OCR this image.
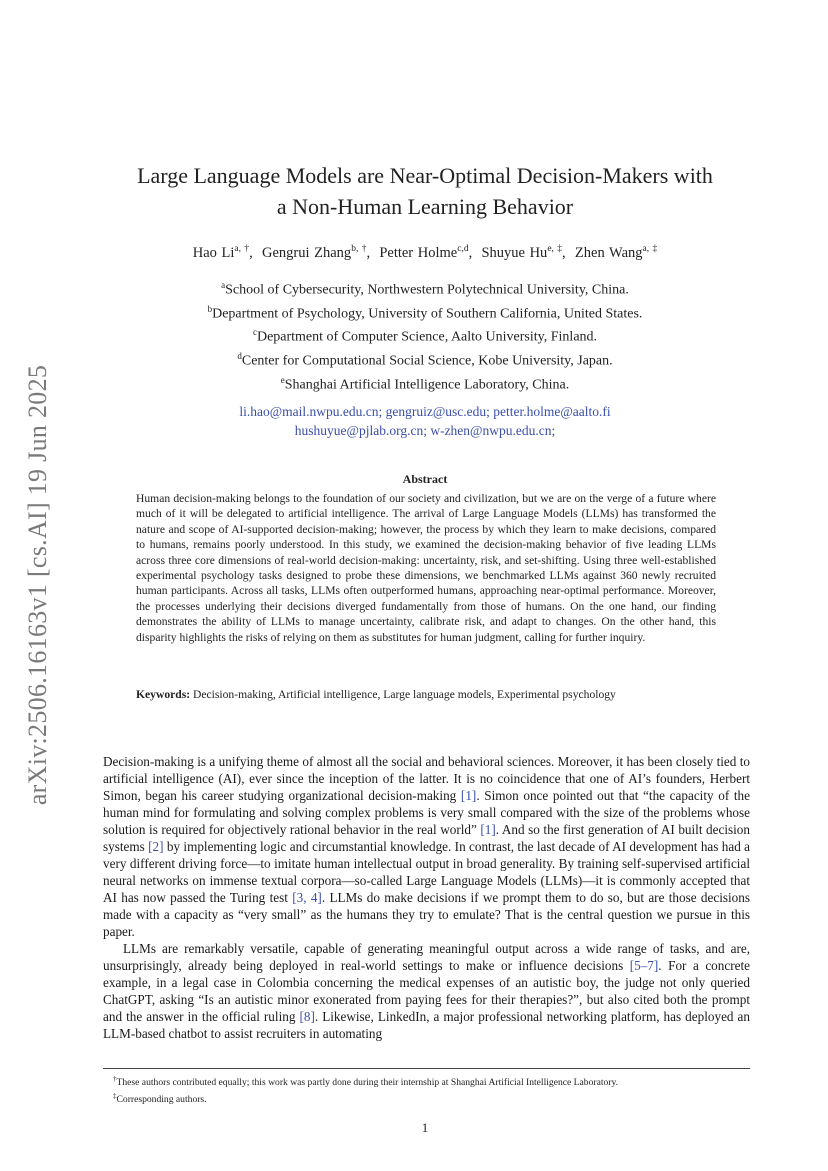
arXiv:2506.16163v1 [cs.AI] 19 Jun 2025
Large Language Models are Near-Optimal Decision-Makers with
a Non-Human Learning Behavior
Hao $Li^{a, \dagger}$,  Gengrui Zhang$^{b, \dagger}$,  Petter Holme$^{c,d}$,  Shuyue $Hu^{e, \ddagger}$,  Zhen Wang$^{a, \ddagger}$
$^a$School of Cybersecurity, Northwestern Polytechnical University, China.
$^b$Department of Psychology, University of Southern California, United States.
$^c$Department of Computer Science, Aalto University, Finland.
$^d$Center for Computational Social Science, Kobe University, Japan.
$^e$Shanghai Artificial Intelligence Laboratory, China.
li.hao@mail.nwpu.edu.cn; gengruiz@usc.edu; petter.holme@aalto.fi
hushuyue@pjlab.org.cn; w-zhen@nwpu.edu.cn;
Abstract
Human decision-making belongs to the foundation of our society and civilization, but we are on the verge of a future where much of it will be delegated to artificial intelligence. The arrival of Large Language Models (LLMs) has transformed the nature and scope of AI-supported decision-making; however, the process by which they learn to make decisions, compared to humans, remains poorly understood. In this study, we examined the decision-making behavior of five leading LLMs across three core dimensions of real-world decision-making: uncertainty, risk, and set-shifting. Using three well-established experimental psychology tasks designed to probe these dimensions, we benchmarked LLMs against 360 newly recruited human participants. Across all tasks, LLMs often outperformed humans, approaching near-optimal performance. Moreover, the processes underlying their decisions diverged fundamentally from those of humans. On the one hand, our finding demonstrates the ability of LLMs to manage uncertainty, calibrate risk, and adapt to changes. On the other hand, this disparity highlights the risks of relying on them as substitutes for human judgment, calling for further inquiry.
Keywords: Decision-making, Artificial intelligence, Large language models, Experimental psychology

Decision-making is a unifying theme of almost all the social and behavioral sciences. Moreover, it has been closely tied to artificial intelligence (AI), ever since the inception of the latter. It is no coincidence that one of AI’s founders, Herbert Simon, began his career studying organizational decision-making [1]. Simon once pointed out that “the capacity of the human mind for formulating and solving complex problems is very small compared with the size of the problems whose solution is required for objectively rational behavior in the real world” [1]. And so the first generation of AI built decision systems [2] by implementing logic and circumstantial knowledge. In contrast, the last decade of AI development has had a very different driving force—to imitate human intellectual output in broad generality. By training self-supervised artificial neural networks on immense textual corpora—so-called Large Language Models (LLMs)—it is commonly accepted that AI has now passed the Turing test [3, 4]. LLMs do make decisions if we prompt them to do so, but are those decisions made with a capacity as “very small” as the humans they try to emulate? That is the central question we pursue in this paper.

LLMs are remarkably versatile, capable of generating meaningful output across a wide range of tasks, and are, unsurprisingly, already being deployed in real-world settings to make or influence decisions [5–7]. For a concrete example, in a legal case in Colombia concerning the medical expenses of an autistic boy, the judge not only queried ChatGPT, asking “Is an autistic minor exonerated from paying fees for their therapies?”, but also cited both the prompt and the answer in the official ruling [8]. Likewise, LinkedIn, a major professional networking platform, has deployed an LLM-based chatbot to assist recruiters in automating

†These authors contributed equally; this work was partly done during their internship at Shanghai Artificial Intelligence Laboratory.
‡Corresponding authors.
1
